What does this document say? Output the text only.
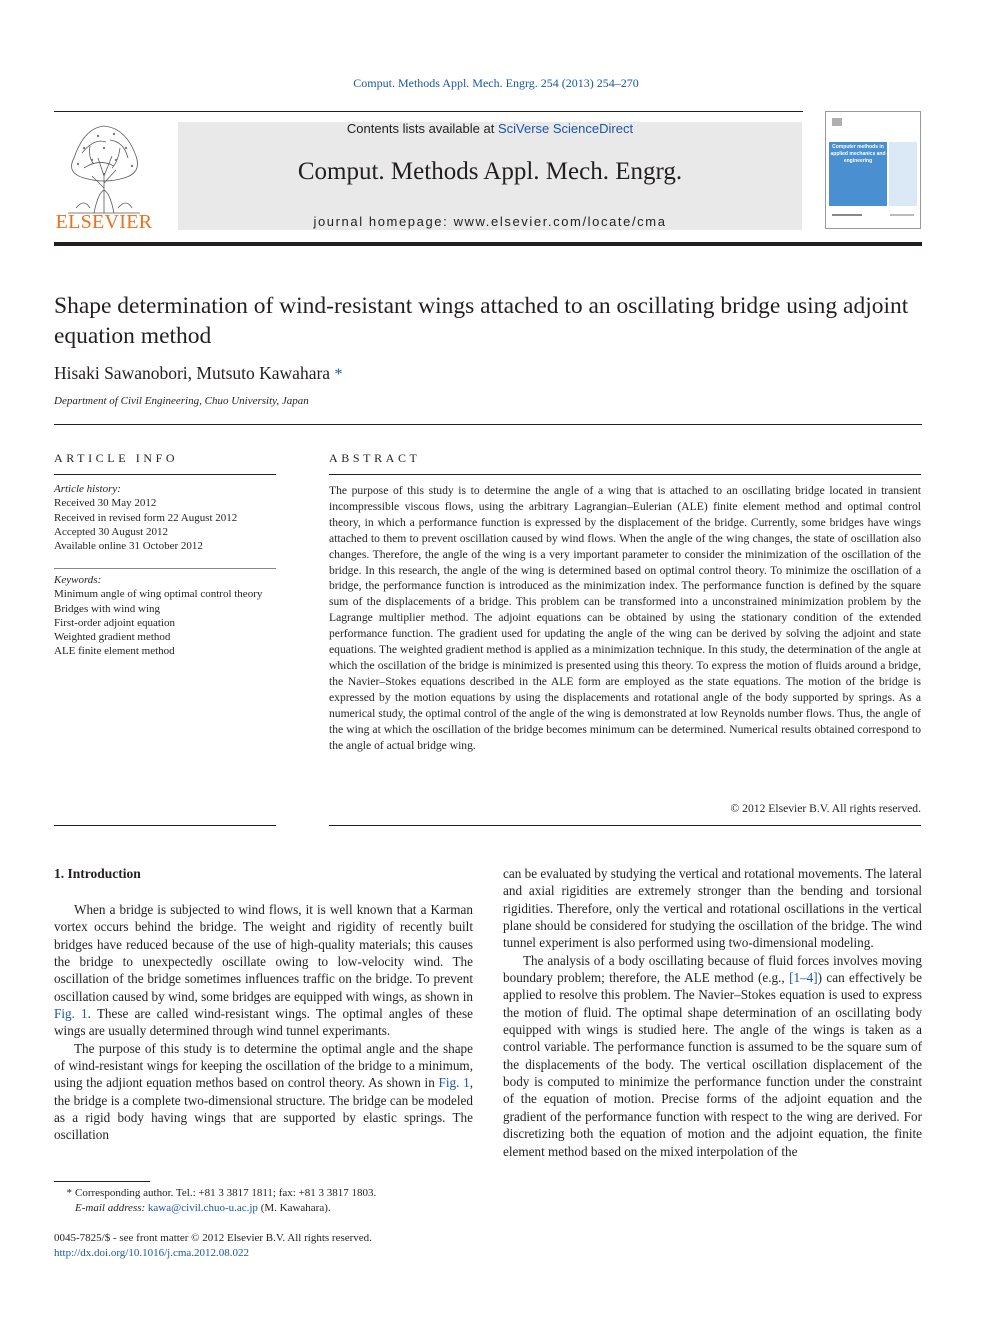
Comput. Methods Appl. Mech. Engrg. 254 (2013) 254–270
ELSEVIER
Contents lists available at SciVerse ScienceDirect
Comput. Methods Appl. Mech. Engrg.
journal homepage: www.elsevier.com/locate/cma
Computer methods in applied mechanics and engineering
Shape determination of wind-resistant wings attached to an oscillating bridge using adjoint equation method
Hisaki Sawanobori, Mutsuto Kawahara *
Department of Civil Engineering, Chuo University, Japan
ARTICLE INFO	ABSTRACT
Article history:
Received 30 May 2012
Received in revised form 22 August 2012
Accepted 30 August 2012
Available online 31 October 2012
Keywords:
Minimum angle of wing optimal control theory
Bridges with wind wing
First-order adjoint equation
Weighted gradient method
ALE finite element method
The purpose of this study is to determine the angle of a wing that is attached to an oscillating bridge located in transient incompressible viscous flows, using the arbitrary Lagrangian–Eulerian (ALE) finite element method and optimal control theory, in which a performance function is expressed by the displacement of the bridge. Currently, some bridges have wings attached to them to prevent oscillation caused by wind flows. When the angle of the wing changes, the state of oscillation also changes. Therefore, the angle of the wing is a very important parameter to consider the minimization of the oscillation of the bridge. In this research, the angle of the wing is determined based on optimal control theory. To minimize the oscillation of a bridge, the performance function is introduced as the minimization index. The performance function is defined by the square sum of the displacements of a bridge. This problem can be transformed into a unconstrained minimization problem by the Lagrange multiplier method. The adjoint equations can be obtained by using the stationary condition of the extended performance function. The gradient used for updating the angle of the wing can be derived by solving the adjoint and state equations. The weighted gradient method is applied as a minimization technique. In this study, the determination of the angle at which the oscillation of the bridge is minimized is presented using this theory. To express the motion of fluids around a bridge, the Navier–Stokes equations described in the ALE form are employed as the state equations. The motion of the bridge is expressed by the motion equations by using the displacements and rotational angle of the body supported by springs. As a numerical study, the optimal control of the angle of the wing is demonstrated at low Reynolds number flows. Thus, the angle of the wing at which the oscillation of the bridge becomes minimum can be determined. Numerical results obtained correspond to the angle of actual bridge wing.
© 2012 Elsevier B.V. All rights reserved.
1. Introduction

When a bridge is subjected to wind flows, it is well known that a Karman vortex occurs behind the bridge. The weight and rigidity of recently built bridges have reduced because of the use of high-quality materials; this causes the bridge to unexpectedly oscillate owing to low-velocity wind. The oscillation of the bridge sometimes influences traffic on the bridge. To prevent oscillation caused by wind, some bridges are equipped with wings, as shown in Fig. 1. These are called wind-resistant wings. The optimal angles of these wings are usually determined through wind tunnel experimants.

The purpose of this study is to determine the optimal angle and the shape of wind-resistant wings for keeping the oscillation of the bridge to a minimum, using the adjiont equation methos based on control theory. As shown in Fig. 1, the bridge is a complete two-dimensional structure. The bridge can be modeled as a rigid body having wings that are supported by elastic springs. The oscillation

can be evaluated by studying the vertical and rotational movements. The lateral and axial rigidities are extremely stronger than the bending and torsional rigidities. Therefore, only the vertical and rotational oscillations in the vertical plane should be considered for studying the oscillation of the bridge. The wind tunnel experiment is also performed using two-dimensional modeling.

The analysis of a body oscillating because of fluid forces involves moving boundary problem; therefore, the ALE method (e.g., [1–4]) can effectively be applied to resolve this problem. The Navier–Stokes equation is used to express the motion of fluid. The optimal shape determination of an oscillating body equipped with wings is studied here. The angle of the wings is taken as a control variable. The performance function is assumed to be the square sum of the displacements of the body. The vertical oscillation displacement of the body is computed to minimize the performance function under the constraint of the equation of motion. Precise forms of the adjoint equation and the gradient of the performance function with respect to the wing are derived. For discretizing both the equation of motion and the adjoint equation, the finite element method based on the mixed interpolation of the

* Corresponding author. Tel.: +81 3 3817 1811; fax: +81 3 3817 1803.
E-mail address: kawa@civil.chuo-u.ac.jp (M. Kawahara).
0045-7825/$ - see front matter © 2012 Elsevier B.V. All rights reserved.
http://dx.doi.org/10.1016/j.cma.2012.08.022
